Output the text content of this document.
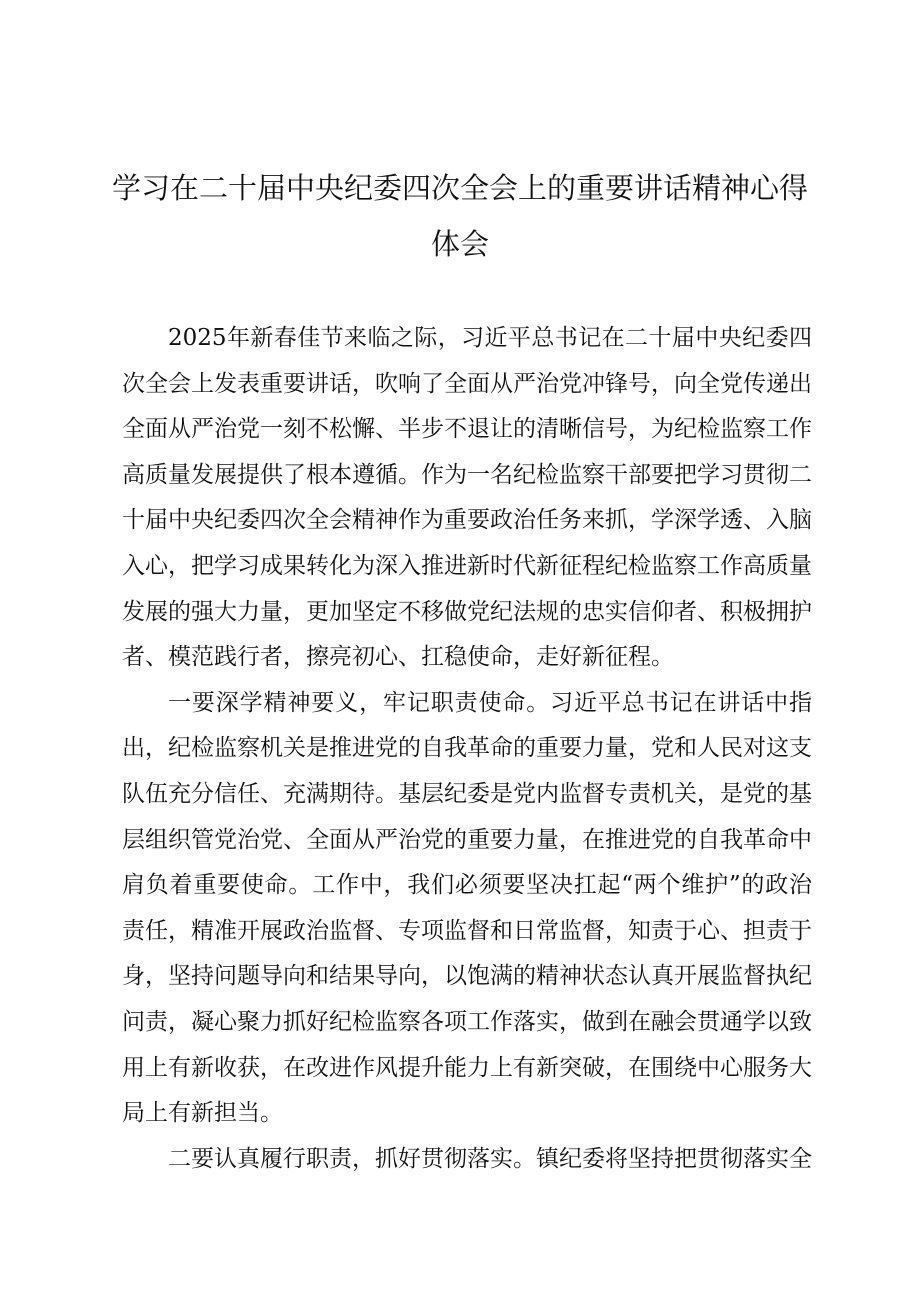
学习在二十届中央纪委四次全会上的重要讲话精神心得
体会

2025年新春佳节来临之际，习近平总书记在二十届中央纪委四次全会上发表重要讲话，吹响了全面从严治党冲锋号，向全党传递出全面从严治党一刻不松懈、半步不退让的清晰信号，为纪检监察工作高质量发展提供了根本遵循。作为一名纪检监察干部要把学习贯彻二十届中央纪委四次全会精神作为重要政治任务来抓，学深学透、入脑入心，把学习成果转化为深入推进新时代新征程纪检监察工作高质量发展的强大力量，更加坚定不移做党纪法规的忠实信仰者、积极拥护者、模范践行者，擦亮初心、扛稳使命，走好新征程。

一要深学精神要义，牢记职责使命。习近平总书记在讲话中指出，纪检监察机关是推进党的自我革命的重要力量，党和人民对这支队伍充分信任、充满期待。基层纪委是党内监督专责机关，是党的基层组织管党治党、全面从严治党的重要力量，在推进党的自我革命中肩负着重要使命。工作中，我们必须要坚决扛起“两个维护”的政治责任，精准开展政治监督、专项监督和日常监督，知责于心、担责于身，坚持问题导向和结果导向，以饱满的精神状态认真开展监督执纪问责，凝心聚力抓好纪检监察各项工作落实，做到在融会贯通学以致用上有新收获，在改进作风提升能力上有新突破，在围绕中心服务大局上有新担当。

二要认真履行职责，抓好贯彻落实。镇纪委将坚持把贯彻落实全
